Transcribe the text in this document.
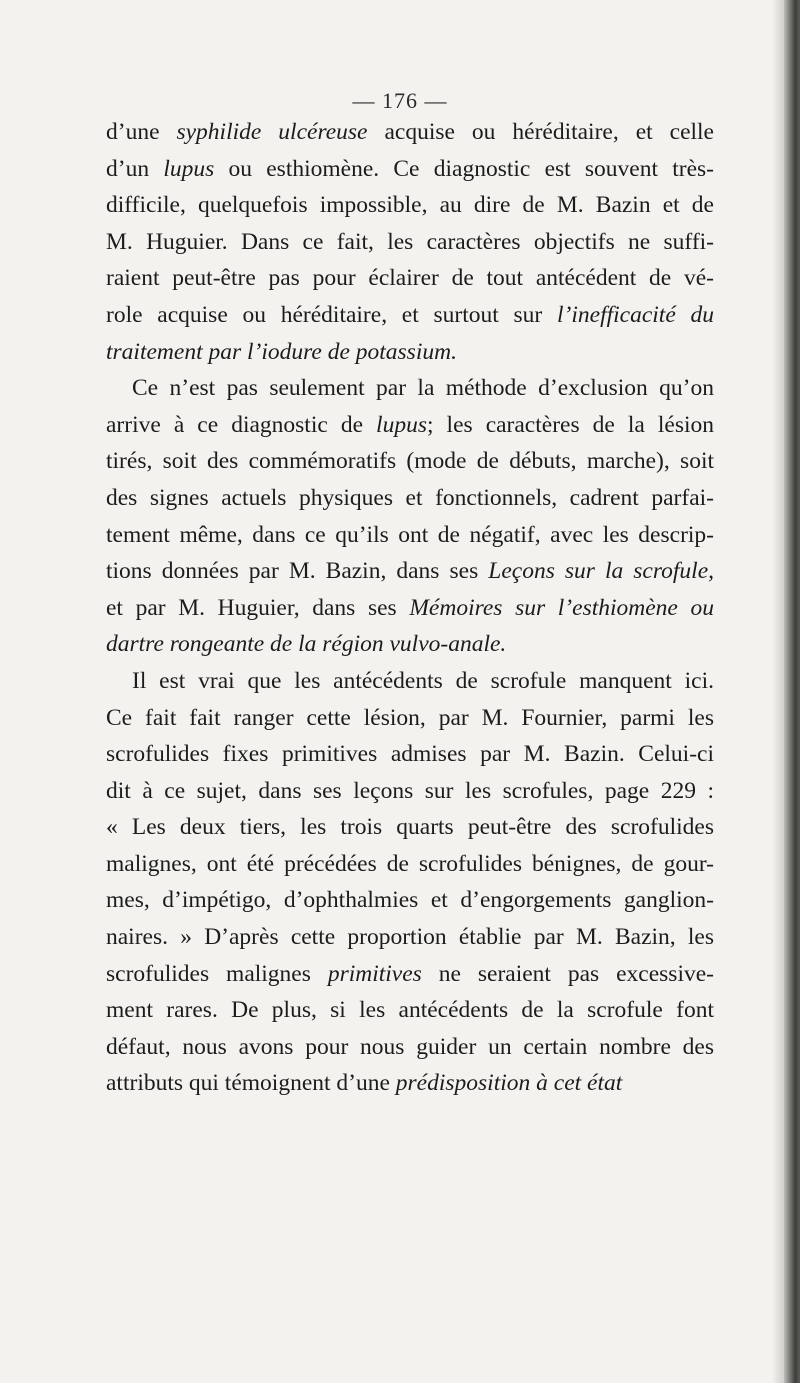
— 176 —
d’une syphilide ulcéreuse acquise ou héréditaire, et celle
d’un lupus ou esthiomène. Ce diagnostic est souvent très-
difficile, quelquefois impossible, au dire de M. Bazin et de
M. Huguier. Dans ce fait, les caractères objectifs ne suffi-
raient peut-être pas pour éclairer de tout antécédent de vé-
role acquise ou héréditaire, et surtout sur l’inefficacité du
traitement par l’iodure de potassium.
Ce n’est pas seulement par la méthode d’exclusion qu’on
arrive à ce diagnostic de lupus; les caractères de la lésion
tirés, soit des commémoratifs (mode de débuts, marche), soit
des signes actuels physiques et fonctionnels, cadrent parfai-
tement même, dans ce qu’ils ont de négatif, avec les descrip-
tions données par M. Bazin, dans ses Leçons sur la scrofule,
et par M. Huguier, dans ses Mémoires sur l’esthiomène ou
dartre rongeante de la région vulvo-anale.
Il est vrai que les antécédents de scrofule manquent ici.
Ce fait fait ranger cette lésion, par M. Fournier, parmi les
scrofulides fixes primitives admises par M. Bazin. Celui-ci
dit à ce sujet, dans ses leçons sur les scrofules, page 229 :
« Les deux tiers, les trois quarts peut-être des scrofulides
malignes, ont été précédées de scrofulides bénignes, de gour-
mes, d’impétigo, d’ophthalmies et d’engorgements ganglion-
naires. » D’après cette proportion établie par M. Bazin, les
scrofulides malignes primitives ne seraient pas excessive-
ment rares. De plus, si les antécédents de la scrofule font
défaut, nous avons pour nous guider un certain nombre des
attributs qui témoignent d’une prédisposition à cet état
